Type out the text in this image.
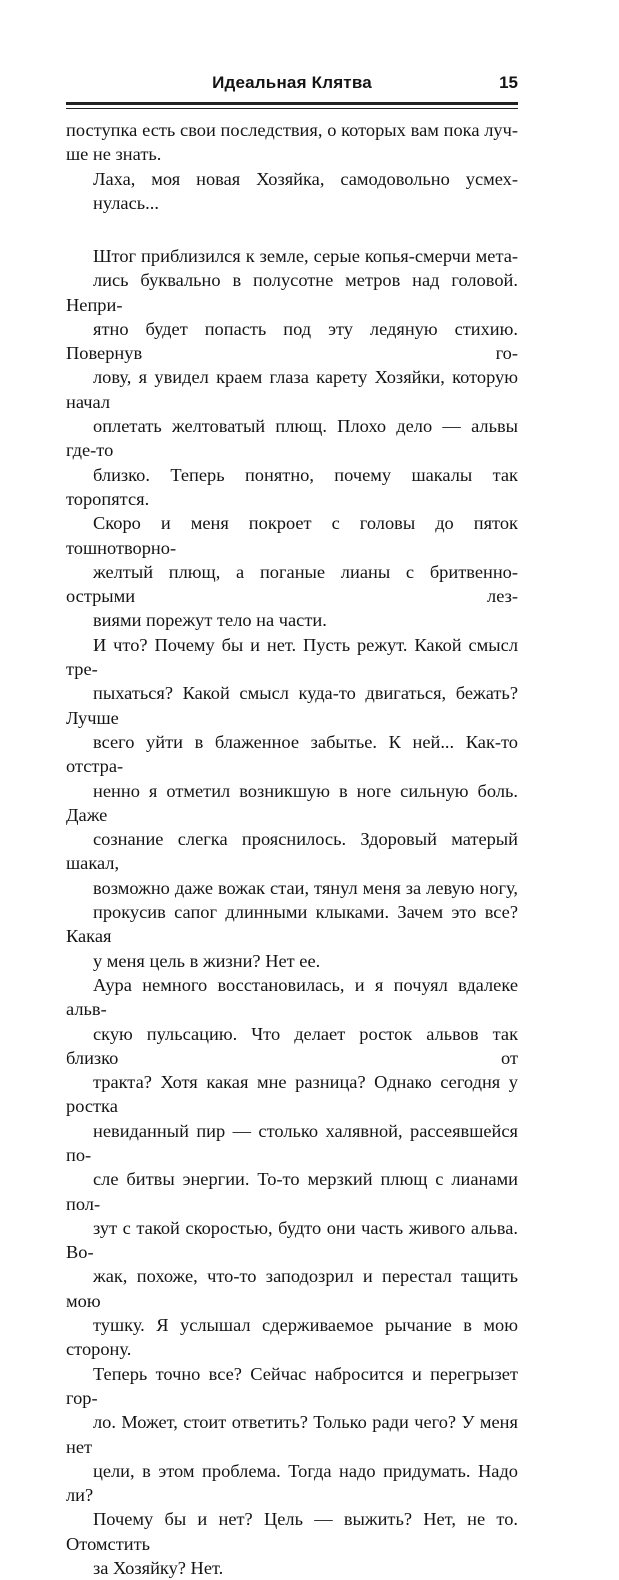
Идеальная Клятва	15

поступка есть свои последствия, о которых вам пока луч-
ше не знать.

Лаха, моя новая Хозяйка, самодовольно усмех-
нулась...

Штог приблизился к земле, серые копья-смерчи мета-
лись буквально в полусотне метров над головой. Непри-
ятно будет попасть под эту ледяную стихию. Повернув го-
лову, я увидел краем глаза карету Хозяйки, которую начал
оплетать желтоватый плющ. Плохо дело — альвы где-то
близко. Теперь понятно, почему шакалы так торопятся.
Скоро и меня покроет с головы до пяток тошнотворно-
желтый плющ, а поганые лианы с бритвенно-острыми лез-
виями порежут тело на части.

И что? Почему бы и нет. Пусть режут. Какой смысл тре-
пыхаться? Какой смысл куда-то двигаться, бежать? Лучше
всего уйти в блаженное забытье. К ней... Как-то отстра-
ненно я отметил возникшую в ноге сильную боль. Даже
сознание слегка прояснилось. Здоровый матерый шакал,
возможно даже вожак стаи, тянул меня за левую ногу,
прокусив сапог длинными клыками. Зачем это все? Какая
у меня цель в жизни? Нет ее.

Аура немного восстановилась, и я почуял вдалеке альв-
скую пульсацию. Что делает росток альвов так близко от
тракта? Хотя какая мне разница? Однако сегодня у ростка
невиданный пир — столько халявной, рассеявшейся по-
сле битвы энергии. То-то мерзкий плющ с лианами пол-
зут с такой скоростью, будто они часть живого альва. Во-
жак, похоже, что-то заподозрил и перестал тащить мою
тушку. Я услышал сдерживаемое рычание в мою сторону.
Теперь точно все? Сейчас набросится и перегрызет гор-
ло. Может, стоит ответить? Только ради чего? У меня нет
цели, в этом проблема. Тогда надо придумать. Надо ли?
Почему бы и нет? Цель — выжить? Нет, не то. Отомстить
за Хозяйку? Нет.
